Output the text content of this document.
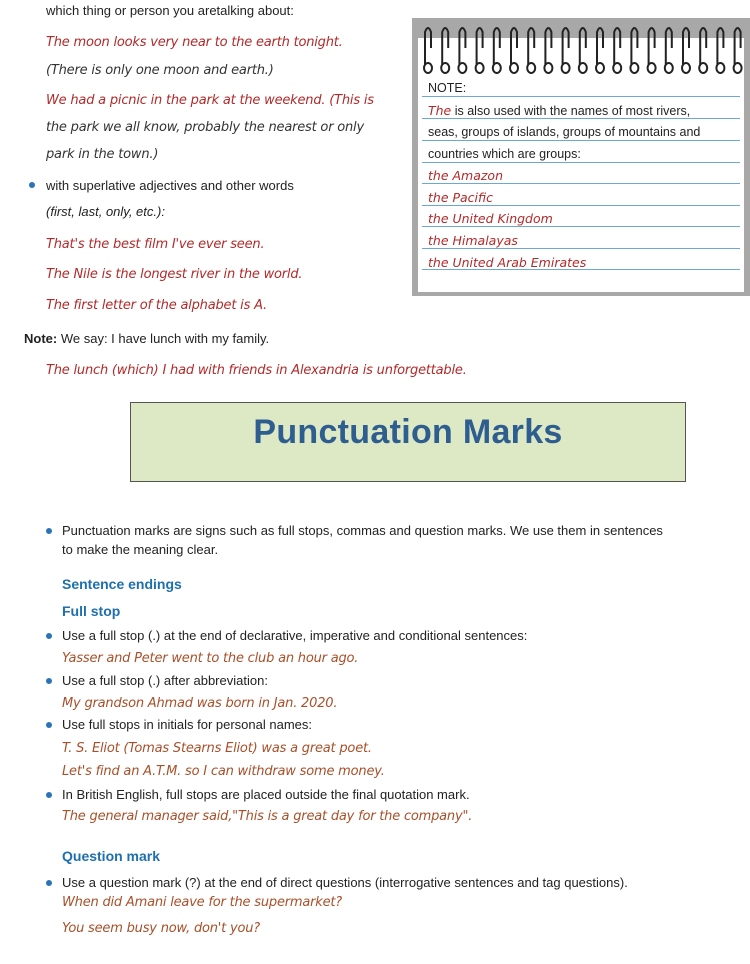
which thing or person you aretalking about:
The moon looks very near to the earth tonight.
(There is only one moon and earth.)
We had a picnic in the park at the weekend. (This is
the park we all know, probably the nearest or only
park in the town.)
with superlative adjectives and other words
(first, last, only, etc.):
That's the best film I've ever seen.
The Nile is the longest river in the world.
The first letter of the alphabet is A.
Note: We say: I have lunch with my family.
The lunch (which) I had with friends in Alexandria is unforgettable.
NOTE:
The is also used with the names of most rivers,
seas, groups of islands, groups of mountains and
countries which are groups:
the Amazon
the Pacific
the United Kingdom
the Himalayas
the United Arab Emirates
Punctuation Marks
Punctuation marks are signs such as full stops, commas and question marks. We use them in sentences
to make the meaning clear.
Sentence endings
Full stop
Use a full stop (.) at the end of declarative, imperative and conditional sentences:
Yasser and Peter went to the club an hour ago.
Use a full stop (.) after abbreviation:
My grandson Ahmad was born in Jan. 2020.
Use full stops in initials for personal names:
T. S. Eliot (Tomas Stearns Eliot) was a great poet.
Let's find an A.T.M. so I can withdraw some money.
In British English, full stops are placed outside the final quotation mark.
The general manager said,"This is a great day for the company".
Question mark
Use a question mark (?) at the end of direct questions (interrogative sentences and tag questions).
When did Amani leave for the supermarket?
You seem busy now, don't you?
